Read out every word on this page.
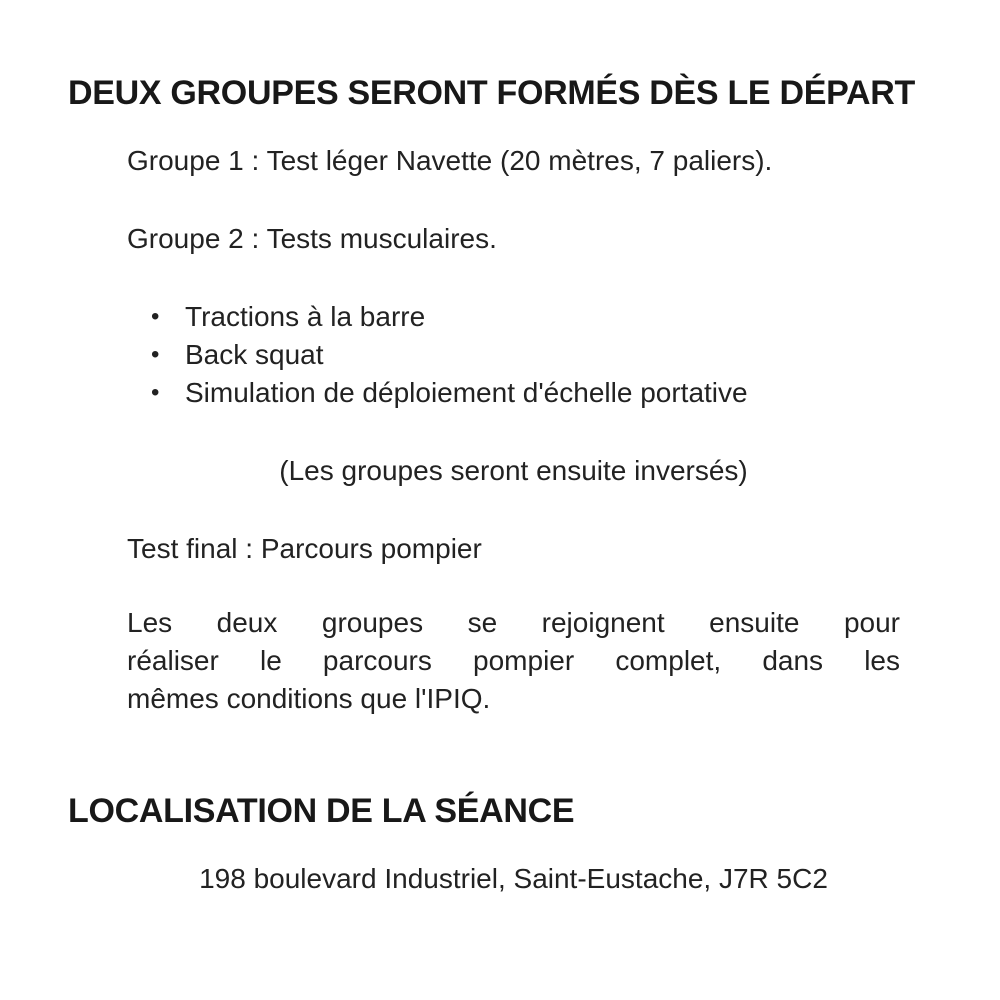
DEUX GROUPES SERONT FORMÉS DÈS LE DÉPART

Groupe 1 : Test léger Navette (20 mètres, 7 paliers).

Groupe 2 : Tests musculaires.

• Tractions à la barre
• Back squat
• Simulation de déploiement d'échelle portative

(Les groupes seront ensuite inversés)

Test final : Parcours pompier

Les deux groupes se rejoignent ensuite pour
réaliser le parcours pompier complet, dans les
mêmes conditions que l'IPIQ.
LOCALISATION DE LA SÉANCE

198 boulevard Industriel, Saint-Eustache, J7R 5C2
